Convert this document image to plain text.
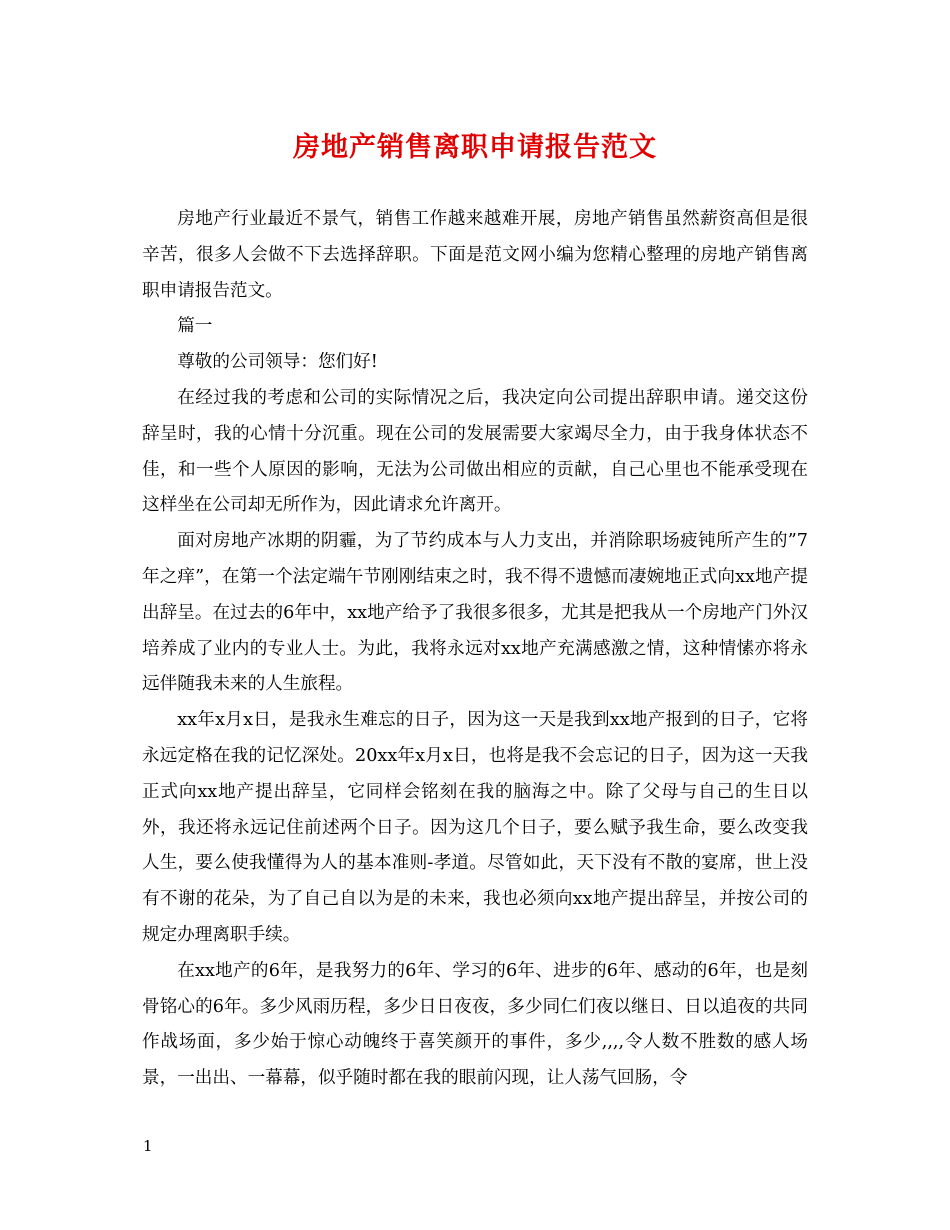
房地产销售离职申请报告范文

房地产行业最近不景气，销售工作越来越难开展，房地产销售虽然薪资高但是很辛苦，很多人会做不下去选择辞职。下面是范文网小编为您精心整理的房地产销售离职申请报告范文。

篇一

尊敬的公司领导：您们好!

在经过我的考虑和公司的实际情况之后，我决定向公司提出辞职申请。递交这份辞呈时，我的心情十分沉重。现在公司的发展需要大家竭尽全力，由于我身体状态不佳，和一些个人原因的影响，无法为公司做出相应的贡献，自己心里也不能承受现在这样坐在公司却无所作为，因此请求允许离开。

面对房地产冰期的阴霾，为了节约成本与人力支出，并消除职场疲钝所产生的”7年之痒”，在第一个法定端午节刚刚结束之时，我不得不遗憾而凄婉地正式向xx地产提出辞呈。在过去的6年中，xx地产给予了我很多很多，尤其是把我从一个房地产门外汉培养成了业内的专业人士。为此，我将永远对xx地产充满感激之情，这种情愫亦将永远伴随我未来的人生旅程。

xx年x月x日，是我永生难忘的日子，因为这一天是我到xx地产报到的日子，它将永远定格在我的记忆深处。20xx年x月x日，也将是我不会忘记的日子，因为这一天我正式向xx地产提出辞呈，它同样会铭刻在我的脑海之中。除了父母与自己的生日以外，我还将永远记住前述两个日子。因为这几个日子，要么赋予我生命，要么改变我人生，要么使我懂得为人的基本准则-孝道。尽管如此，天下没有不散的宴席，世上没有不谢的花朵，为了自己自以为是的未来，我也必须向xx地产提出辞呈，并按公司的规定办理离职手续。

在xx地产的6年，是我努力的6年、学习的6年、进步的6年、感动的6年，也是刻骨铭心的6年。多少风雨历程，多少日日夜夜，多少同仁们夜以继日、日以追夜的共同作战场面，多少始于惊心动魄终于喜笑颜开的事件，多少,,,,令人数不胜数的感人场景，一出出、一幕幕，似乎随时都在我的眼前闪现，让人荡气回肠，令

1
